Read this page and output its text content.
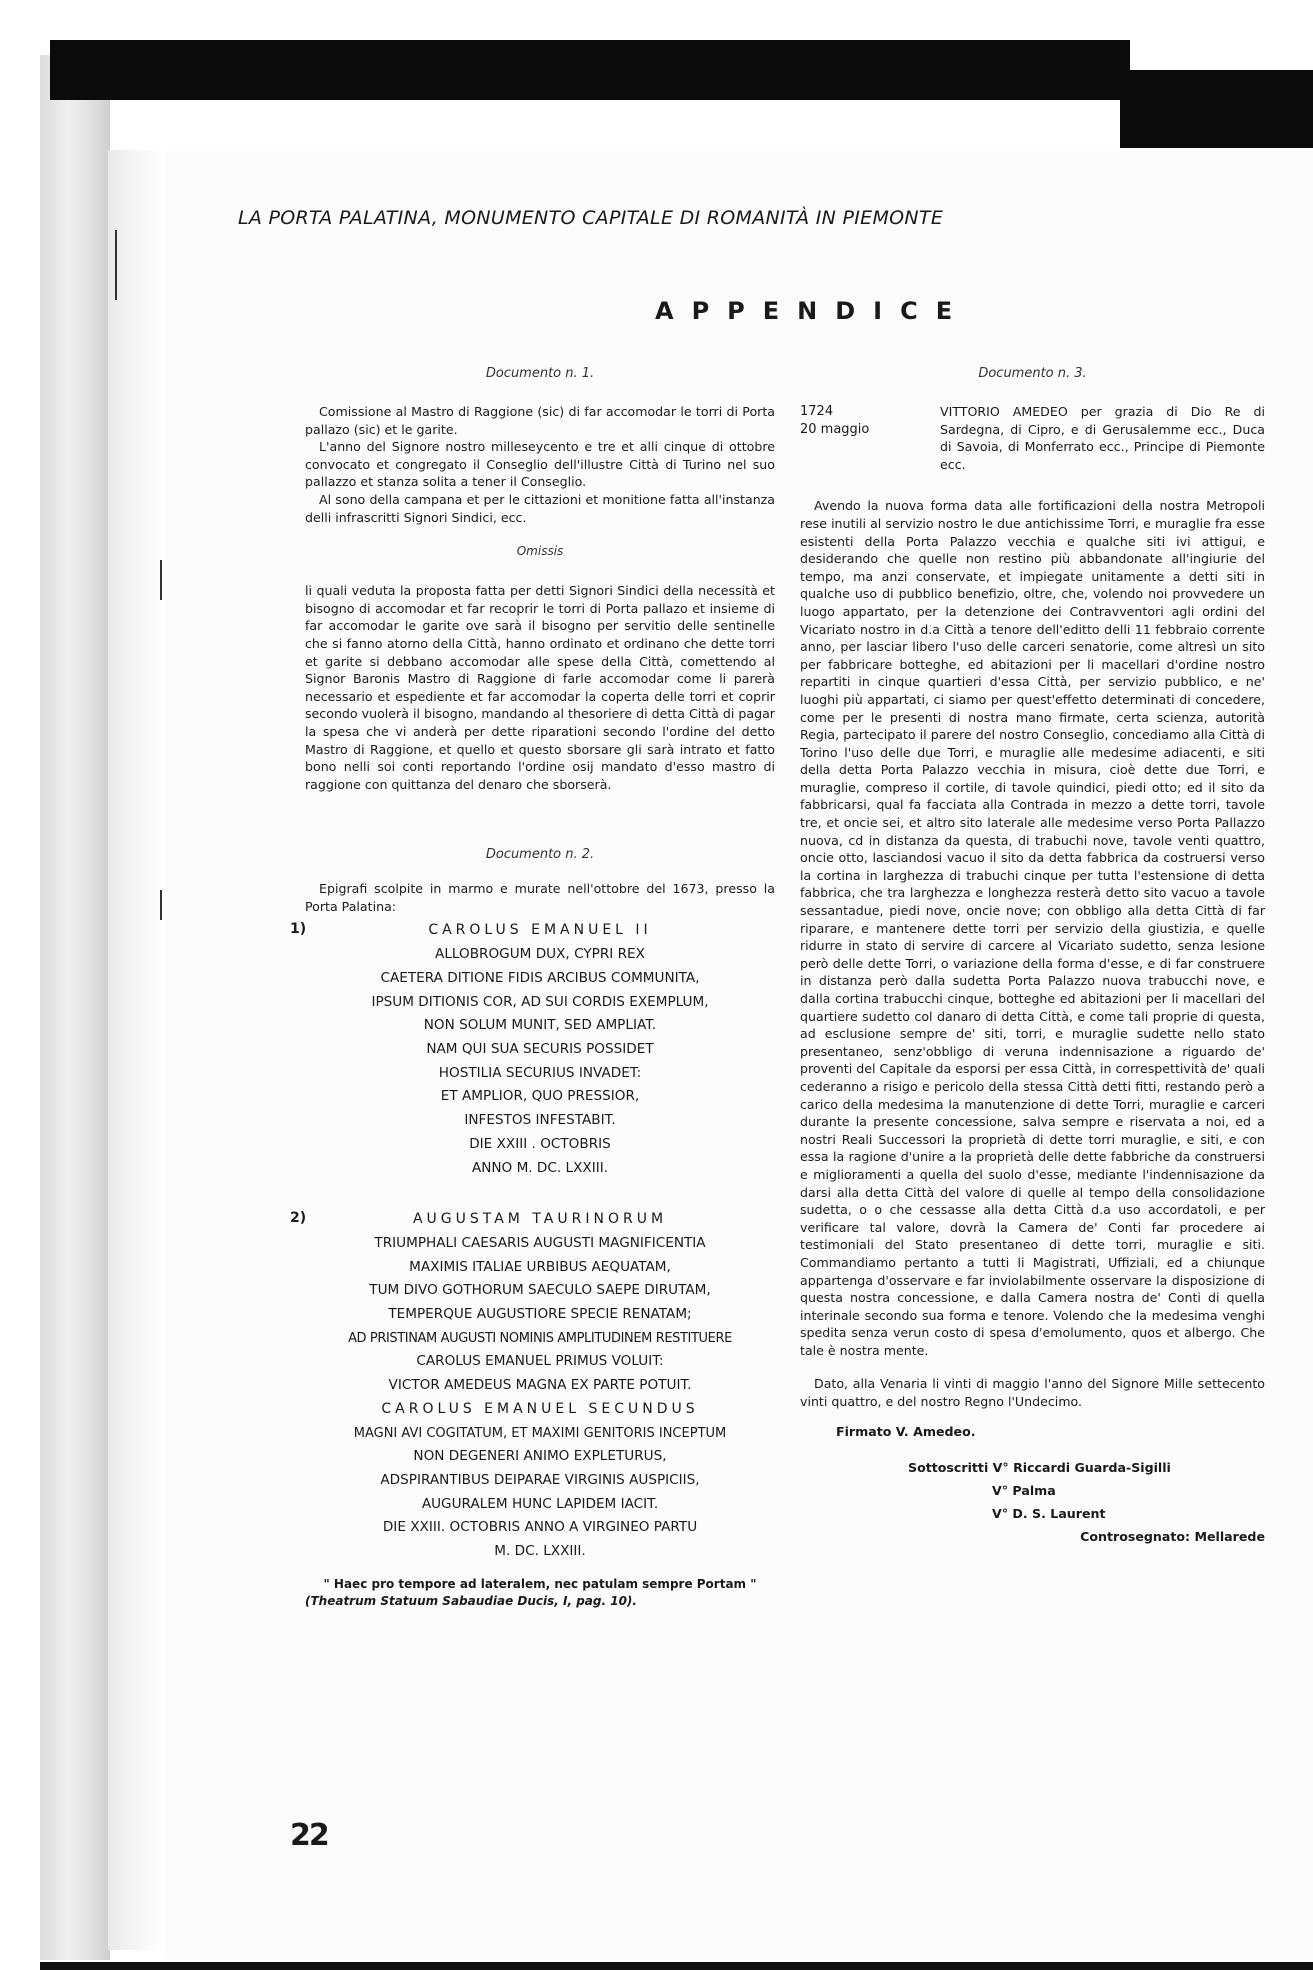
LA PORTA PALATINA, MONUMENTO CAPITALE DI ROMANITÀ IN PIEMONTE
APPENDICE
Documento n. 1.

Comissione al Mastro di Raggione (sic) di far accomodar le torri di Porta pallazo (sic) et le garite.

L'anno del Signore nostro milleseycento e tre et alli cinque di ottobre convocato et congregato il Conseglio dell'illustre Città di Turino nel suo pallazzo et stanza solita a tener il Conseglio.

Al sono della campana et per le cittazioni et monitione fatta all'instanza delli infrascritti Signori Sindici, ecc.

Omissis

li quali veduta la proposta fatta per detti Signori Sindici della necessità et bisogno di accomodar et far recoprir le torri di Porta pallazo et insieme di far accomodar le garite ove sarà il bisogno per servitio delle sentinelle che si fanno atorno della Città, hanno ordinato et ordinano che dette torri et garite si debbano accomodar alle spese della Città, comettendo al Signor Baronis Mastro di Raggione di farle accomodar come li parerà necessario et espediente et far accomodar la coperta delle torri et coprir secondo vuolerà il bisogno, mandando al thesoriere di detta Città di pagar la spesa che vi anderà per dette riparationi secondo l'ordine del detto Mastro di Raggione, et quello et questo sborsare gli sarà intrato et fatto bono nelli soi conti reportando l'ordine osij mandato d'esso mastro di raggione con quittanza del denaro che sborserà.

Documento n. 2.

Epigrafi scolpite in marmo e murate nell'ottobre del 1673, presso la Porta Palatina:

1)	CAROLUS EMANUEL II

ALLOBROGUM DUX, CYPRI REX

CAETERA DITIONE FIDIS ARCIBUS COMMUNITA,

IPSUM DITIONIS COR, AD SUI CORDIS EXEMPLUM,

NON SOLUM MUNIT, SED AMPLIAT.

NAM QUI SUA SECURIS POSSIDET

HOSTILIA SECURIUS INVADET:

ET AMPLIOR, QUO PRESSIOR,

INFESTOS INFESTABIT.

DIE XXIII . OCTOBRIS

ANNO M. DC. LXXIII.

2)	AUGUSTAM TAURINORUM

TRIUMPHALI CAESARIS AUGUSTI MAGNIFICENTIA

MAXIMIS ITALIAE URBIBUS AEQUATAM,

TUM DIVO GOTHORUM SAECULO SAEPE DIRUTAM,

TEMPERQUE AUGUSTIORE SPECIE RENATAM;

AD PRISTINAM AUGUSTI NOMINIS AMPLITUDINEM RESTITUERE

CAROLUS EMANUEL PRIMUS VOLUIT:

VICTOR AMEDEUS MAGNA EX PARTE POTUIT.

CAROLUS EMANUEL SECUNDUS

MAGNI AVI COGITATUM, ET MAXIMI GENITORIS INCEPTUM

NON DEGENERI ANIMO EXPLETURUS,

ADSPIRANTIBUS DEIPARAE VIRGINIS AUSPICIIS,

AUGURALEM HUNC LAPIDEM IACIT.

DIE XXIII. OCTOBRIS ANNO A VIRGINEO PARTU

M. DC. LXXIII.

" Haec pro tempore ad lateralem, nec patulam sempre Portam "

(Theatrum Statuum Sabaudiae Ducis, I, pag. 10).

Documento n. 3.
1724
20 maggio

VITTORIO AMEDEO per grazia di Dio Re di Sardegna, di Cipro, e di Gerusalemme ecc., Duca di Savoia, di Monferrato ecc., Principe di Piemonte ecc.

Avendo la nuova forma data alle fortificazioni della nostra Metropoli rese inutili al servizio nostro le due antichissime Torri, e muraglie fra esse esistenti della Porta Palazzo vecchia e qualche siti ivi attigui, e desiderando che quelle non restino più abbandonate all'ingiurie del tempo, ma anzi conservate, et impiegate unitamente a detti siti in qualche uso di pubblico benefizio, oltre, che, volendo noi provvedere un luogo appartato, per la detenzione dei Contravventori agli ordini del Vicariato nostro in d.a Città a tenore dell'editto delli 11 febbraio corrente anno, per lasciar libero l'uso delle carceri senatorie, come altresì un sito per fabbricare botteghe, ed abitazioni per li macellari d'ordine nostro repartiti in cinque quartieri d'essa Città, per servizio pubblico, e ne' luoghi più appartati, ci siamo per quest'effetto determinati di concedere, come per le presenti di nostra mano firmate, certa scienza, autorità Regia, partecipato il parere del nostro Conseglio, concediamo alla Città di Torino l'uso delle due Torri, e muraglie alle medesime adiacenti, e siti della detta Porta Palazzo vecchia in misura, cioè dette due Torri, e muraglie, compreso il cortile, di tavole quindici, piedi otto; ed il sito da fabbricarsi, qual fa facciata alla Contrada in mezzo a dette torri, tavole tre, et oncie sei, et altro sito laterale alle medesime verso Porta Pallazzo nuova, cd in distanza da questa, di trabuchi nove, tavole venti quattro, oncie otto, lasciandosi vacuo il sito da detta fabbrica da costruersi verso la cortina in larghezza di trabuchi cinque per tutta l'estensione di detta fabbrica, che tra larghezza e longhezza resterà detto sito vacuo a tavole sessantadue, piedi nove, oncie nove; con obbligo alla detta Città di far riparare, e mantenere dette torri per servizio della giustizia, e quelle ridurre in stato di servire di carcere al Vicariato sudetto, senza lesione però delle dette Torri, o variazione della forma d'esse, e di far construere in distanza però dalla sudetta Porta Palazzo nuova trabucchi nove, e dalla cortina trabucchi cinque, botteghe ed abitazioni per li macellari del quartiere sudetto col danaro di detta Città, e come tali proprie di questa, ad esclusione sempre de' siti, torri, e muraglie sudette nello stato presentaneo, senz'obbligo di veruna indennisazione a riguardo de' proventi del Capitale da esporsi per essa Città, in correspettività de' quali cederanno a risigo e pericolo della stessa Città detti fitti, restando però a carico della medesima la manutenzione di dette Torri, muraglie e carceri durante la presente concessione, salva sempre e riservata a noi, ed a nostri Reali Successori la proprietà di dette torri muraglie, e siti, e con essa la ragione d'unire a la proprietà delle dette fabbriche da construersi e miglioramenti a quella del suolo d'esse, mediante l'indennisazione da darsi alla detta Città del valore di quelle al tempo della consolidazione sudetta, o o che cessasse alla detta Città d.a uso accordatoli, e per verificare tal valore, dovrà la Camera de' Conti far procedere ai testimoniali del Stato presentaneo di dette torri, muraglie e siti. Commandiamo pertanto a tutti li Magistrati, Uffiziali, ed a chiunque appartenga d'osservare e far inviolabilmente osservare la disposizione di questa nostra concessione, e dalla Camera nostra de' Conti di quella interinale secondo sua forma e tenore. Volendo che la medesima venghi spedita senza verun costo di spesa d'emolumento, quos et albergo. Che tale è nostra mente.

Dato, alla Venaria li vinti di maggio l'anno del Signore Mille settecento vinti quattro, e del nostro Regno l'Undecimo.

Firmato V. Amedeo.

Sottoscritti V° Riccardi Guarda-Sigilli
V° Palma
V° D. S. Laurent
Controsegnato: Mellarede
22
